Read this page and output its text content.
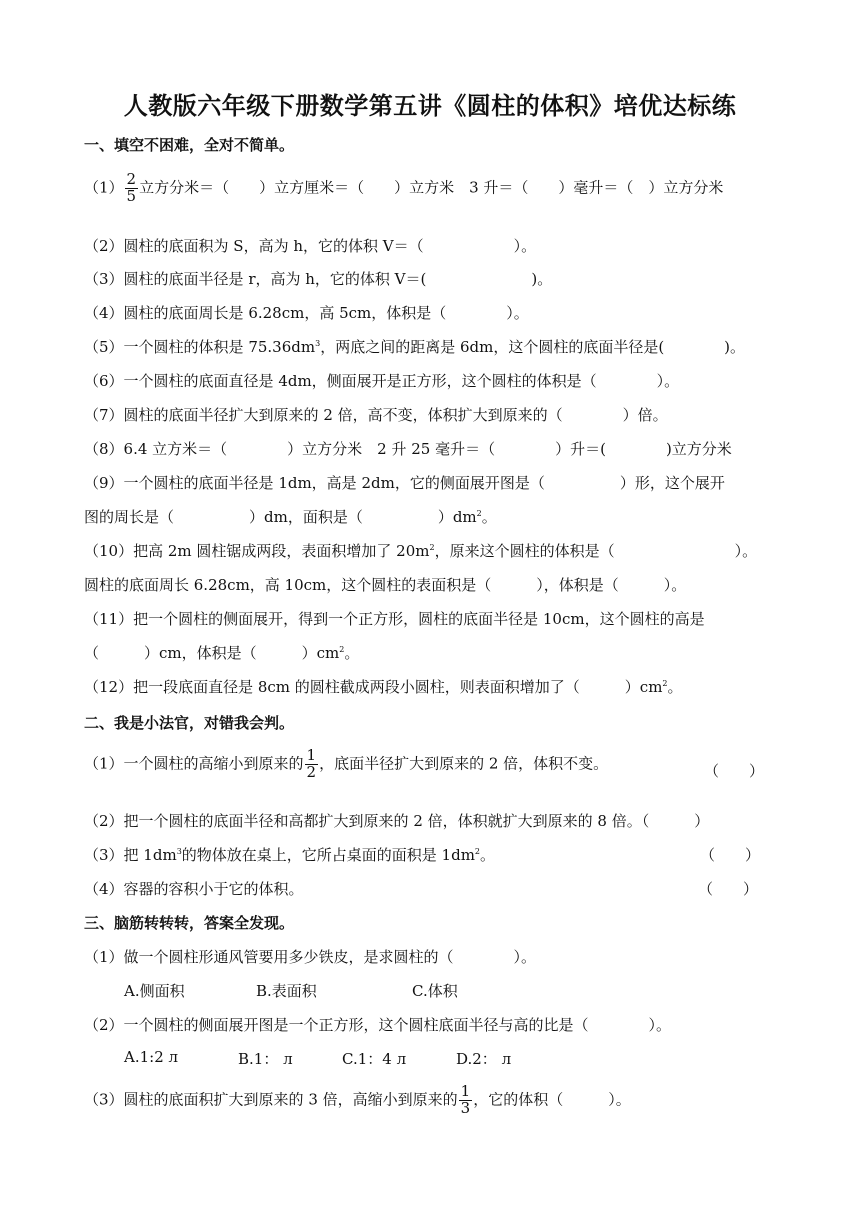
人教版六年级下册数学第五讲《圆柱的体积》培优达标练
一、填空不困难，全对不简单。
$(1) \frac{2}{5}$ 立方分米＝（　　）立方厘米＝（　　）立方米　3 升＝（　　）毫升＝（　）立方分米
（2）圆柱的底面积为 S，高为 h，它的体积 V＝（　　　　　　）。
（3）圆柱的底面半径是 r，高为 h，它的体积 V＝(　　　　　　　)。
（4）圆柱的底面周长是 6.28cm，高 5cm，体积是（　　　　）。
（5）一个圆柱的体积是 $75.36dm^3$，两底之间的距离是 6dm，这个圆柱的底面半径是(　　　　)。
（6）一个圆柱的底面直径是 4dm，侧面展开是正方形，这个圆柱的体积是（　　　　）。
（7）圆柱的底面半径扩大到原来的 2 倍，高不变，体积扩大到原来的（　　　　）倍。
（8）6.4 立方米＝（　　　　）立方分米　2 升 25 毫升＝（　　　　）升＝(　　　　)立方分米
（9）一个圆柱的底面半径是 1dm，高是 2dm，它的侧面展开图是（　　　　　）形，这个展开
图的周长是（　　　　　）dm，面积是（　　　　　）$dm^2$。
（10）把高 2m 圆柱锯成两段，表面积增加了 $20m^2$，原来这个圆柱的体积是（　　　　　　　　）。
圆柱的底面周长 6.28cm，高 10cm，这个圆柱的表面积是（　　　），体积是（　　　）。
（11）把一个圆柱的侧面展开，得到一个正方形，圆柱的底面半径是 10cm，这个圆柱的高是
（　　　）cm，体积是（　　　）$cm^2$。
（12）把一段底面直径是 8cm 的圆柱截成两段小圆柱，则表面积增加了（　　　）$cm^2$。
二、我是小法官，对错我会判。
（1）一个圆柱的高缩小到原来的 $\frac{1}{2}$ ，底面半径扩大到原来的 2 倍，体积不变。	（　　）
（2）把一个圆柱的底面半径和高都扩大到原来的 2 倍，体积就扩大到原来的 8 倍。（　　　）
（3）把 $1dm^3$的物体放在桌上，它所占桌面的面积是 $1dm^2$。	（　　）
（4）容器的容积小于它的体积。	（　　）
三、脑筋转转转，答案全发现。
（1）做一个圆柱形通风管要用多少铁皮，是求圆柱的（　　　　）。
A.侧面积	B.表面积	C.体积
（2）一个圆柱的侧面展开图是一个正方形，这个圆柱底面半径与高的比是（　　　　）。
A.1:2 л	B.1： л	C.1：4 л	D.2： л
（3）圆柱的底面积扩大到原来的 3 倍，高缩小到原来的 $\frac{1}{3}$ ，它的体积（　　　）。
